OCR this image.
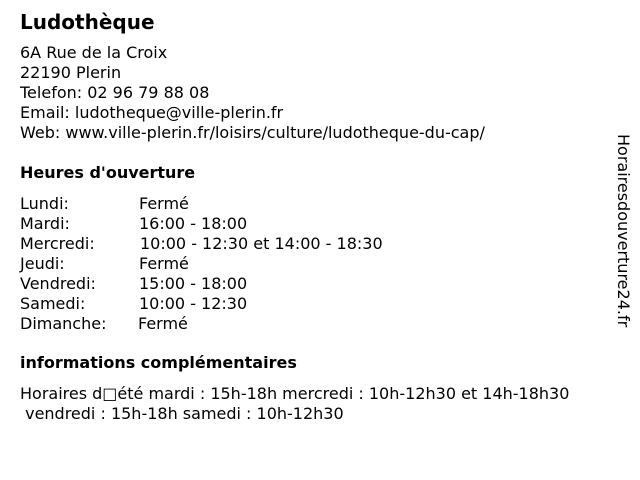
Ludothèque
6A Rue de la Croix
22190 Plerin
Telefon: 02 96 79 88 08
Email: ludotheque@ville-plerin.fr
Web: www.ville-plerin.fr/loisirs/culture/ludotheque-du-cap/
Heures d'ouverture
Lundi:	Fermé
Mardi:	16:00 - 18:00
Mercredi:	10:00 - 12:30 et 14:00 - 18:30
Jeudi:	Fermé
Vendredi:	15:00 - 18:00
Samedi:	10:00 - 12:30
Dimanche: Fermé
informations complémentaires
Horaires d□été mardi : 15h-18h mercredi : 10h-12h30 et 14h-18h30
vendredi : 15h-18h samedi : 10h-12h30
Horairesdouverture24.fr
